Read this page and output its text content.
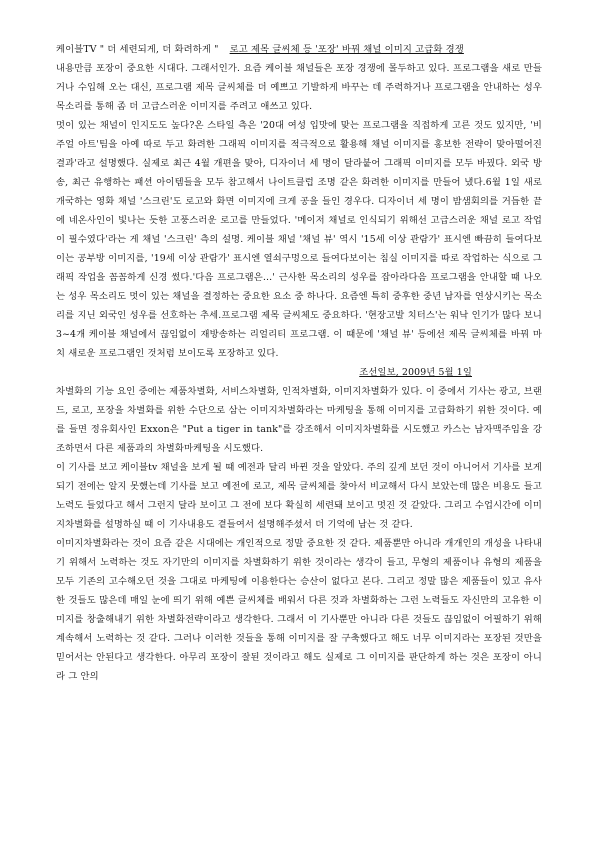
케이블TV " 더 세련되게, 더 화려하게 " 로고 제목 글씨체 등 '포장' 바꿔 채널 이미지 고급화 경쟁

내용만큼 포장이 중요한 시대다. 그래서인가. 요즘 케이블 채널들은 포장 경쟁에 몰두하고 있다. 프로그램을 새로 만들거나 수입해 오는 대신, 프로그램 제목 글씨체를 더 예쁘고 기발하게 바꾸는 데 주력하거나 프로그램을 안내하는 성우 목소리를 통해 좀 더 고급스러운 이미지를 주려고 애쓰고 있다.

멋이 있는 채널이 인지도도 높다?온 스타일 측은 '20대 여성 입맛에 맞는 프로그램을 직접하게 고른 것도 있지만, '비주얼 아트'팀을 아예 따로 두고 화려한 그래픽 이미지를 적극적으로 활용해 채널 이미지를 홍보한 전략이 맞아떨어진 결과'라고 설명했다. 실제로 최근 4월 개편을 맞아, 디자이너 세 명이 달라붙어 그래픽 이미지를 모두 바꿨다. 외국 방송, 최근 유행하는 패션 아이템들을 모두 참고해서 나이트클럽 조명 같은 화려한 이미지를 만들어 냈다.6월 1일 새로 개국하는 영화 채널 '스크린'도 로고와 화면 이미지에 크게 공을 들인 경우다. 디자이너 세 명이 밤샘회의를 거듭한 끝에 네온사인이 빛나는 듯한 고풍스러운 로고를 만들었다. '메이저 채널로 인식되기 위해선 고급스러운 채널 로고 작업이 필수였다'라는 게 채널 '스크린' 측의 설명. 케이블 채널 '채널 뷰' 역시 '15세 이상 관람가' 표시엔 빠끔히 들여다보이는 공부방 이미지를, '19세 이상 관람가' 표시엔 열쇠구멍으로 들여다보이는 침실 이미지를 따로 작업하는 식으로 그래픽 작업을 꼼꼼하게 신경 썼다.'다음 프로그램은…' 근사한 목소리의 성우를 잡아라다음 프로그램을 안내할 때 나오는 성우 목소리도 멋이 있는 채널을 결정하는 중요한 요소 중 하나다. 요즘엔 특히 중후한 중년 남자를 연상시키는 목소리를 지닌 외국인 성우를 선호하는 추세.프로그램 제목 글씨체도 중요하다. '현장고발 치터스'는 워낙 인기가 많다 보니 3~4개 케이블 채널에서 끊임없이 재방송하는 리얼리티 프로그램. 이 때문에 '채널 뷰' 등에선 제목 글씨체를 바꿔 마치 새로운 프로그램인 것처럼 보이도록 포장하고 있다.

조선일보, 2009년 5월 1일

차별화의 기능 요인 중에는 제품차별화, 서비스차별화, 인적차별화, 이미지차별화가 있다. 이 중에서 기사는 광고, 브랜드, 로고, 포장을 차별화를 위한 수단으로 삼는 이미지차별화라는 마케팅을 통해 이미지를 고급화하기 위한 것이다. 예를 들면 정유회사인 Exxon은 "Put a tiger in tank"를 강조해서 이미지차별화를 시도했고 카스는 남자맥주임을 강조하면서 다른 제품과의 차별화마케팅을 시도했다.

이 기사를 보고 케이블tv 채널을 보게 될 때 예전과 달리 바뀐 것을 알았다. 주의 깊게 보던 것이 아니어서 기사를 보게 되기 전에는 알지 못했는데 기사를 보고 예전에 로고, 제목 글씨체를 찾아서 비교해서 다시 보았는데 많은 비용도 들고 노력도 들었다고 해서 그런지 달라 보이고 그 전에 보다 확실히 세련돼 보이고 멋진 것 같았다. 그리고 수업시간에 이미지차별화를 설명하실 때 이 기사내용도 곁들여서 설명해주셨서 더 기억에 남는 것 같다.

이미지차별화라는 것이 요즘 같은 시대에는 개인적으로 정말 중요한 것 같다. 제품뿐만 아니라 개개인의 개성을 나타내기 위해서 노력하는 것도 자기만의 이미지를 차별화하기 위한 것이라는 생각이 들고, 무형의 제품이나 유형의 제품을 모두 기존의 고수해오던 것을 그대로 마케팅에 이용한다는 승산이 없다고 본다. 그리고 정말 많은 제품들이 있고 유사한 것들도 많은데 매일 눈에 띄기 위해 예쁜 글씨체를 배워서 다른 것과 차별화하는 그런 노력들도 자신만의 고유한 이미지를 창출해내기 위한 차별화전략이라고 생각한다. 그래서 이 기사뿐만 아니라 다른 것들도 끊임없이 어필하기 위해 계속해서 노력하는 것 같다. 그러나 이러한 것들을 통해 이미지를 잘 구축했다고 해도 너무 이미지라는 포장된 것만을 믿어서는 안된다고 생각한다. 아무리 포장이 잘된 것이라고 해도 실제로 그 이미지를 판단하게 하는 것은 포장이 아니라 그 안의
